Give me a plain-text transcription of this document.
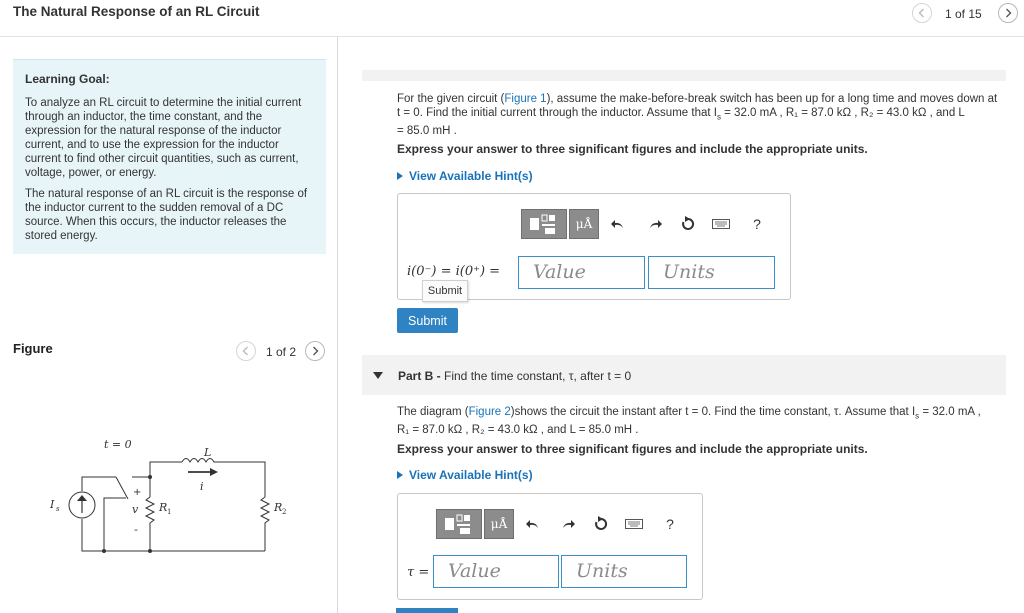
The Natural Response of an RL Circuit	1 of 15
Learning Goal:

To analyze an RL circuit to determine the initial current through an inductor, the time constant, and the expression for the natural response of the inductor current, and to use the expression for the inductor current to find other circuit quantities, such as current, voltage, power, or energy.

The natural response of an RL circuit is the response of the inductor current to the sudden removal of a DC source. When this occurs, the inductor releases the stored energy.

Figure	1 of 2
t = 0
L
i
I s
+
v
-
R 1	R 2
For the given circuit (Figure 1), assume the make-before-break switch has been up for a long time and moves down at
t = 0. Find the initial current through the inductor. Assume that $I_s = 32.0$ mA , R₁ = 87.0 kΩ , R₂ = 43.0 kΩ , and L
= 85.0 mH .
Express your answer to three significant figures and include the appropriate units.
View Available Hint(s)
μÅ	?
i(0⁻) = i(0⁺) =	Value	Units
Submit
Submit
Part B - Find the time constant, τ, after t = 0
The diagram (Figure 2)shows the circuit the instant after t = 0. Find the time constant, τ. Assume that $I_s = 32.0$ mA ,
R₁ = 87.0 kΩ , R₂ = 43.0 kΩ , and L = 85.0 mH .
Express your answer to three significant figures and include the appropriate units.
View Available Hint(s)
μÅ	?
τ = Value	Units
